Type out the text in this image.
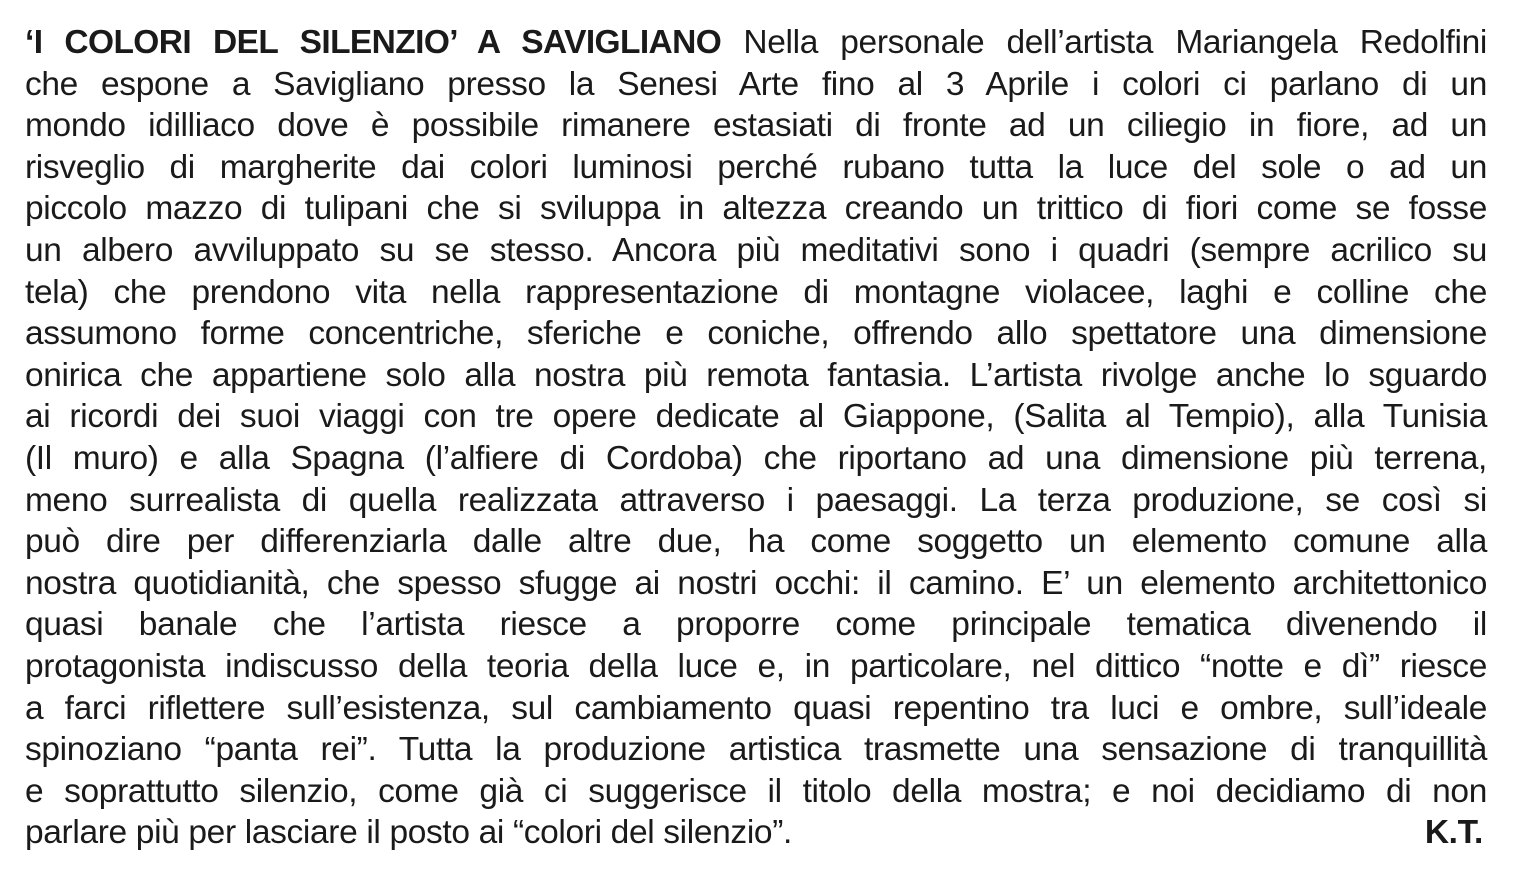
‘I COLORI DEL SILENZIO’ A SAVIGLIANO Nella personale dell’artista Mariangela Redolfini
che espone a Savigliano presso la Senesi Arte fino al 3 Aprile i colori ci parlano di un
mondo idilliaco dove è possibile rimanere estasiati di fronte ad un ciliegio in fiore, ad un
risveglio di margherite dai colori luminosi perché rubano tutta la luce del sole o ad un
piccolo mazzo di tulipani che si sviluppa in altezza creando un trittico di fiori come se fosse
un albero avviluppato su se stesso. Ancora più meditativi sono i quadri (sempre acrilico su
tela) che prendono vita nella rappresentazione di montagne violacee, laghi e colline che
assumono forme concentriche, sferiche e coniche, offrendo allo spettatore una dimensione
onirica che appartiene solo alla nostra più remota fantasia. L’artista rivolge anche lo sguardo
ai ricordi dei suoi viaggi con tre opere dedicate al Giappone, (Salita al Tempio), alla Tunisia
(Il muro) e alla Spagna (l’alfiere di Cordoba) che riportano ad una dimensione più terrena,
meno surrealista di quella realizzata attraverso i paesaggi. La terza produzione, se così si
può dire per differenziarla dalle altre due, ha come soggetto un elemento comune alla
nostra quotidianità, che spesso sfugge ai nostri occhi: il camino. E’ un elemento architettonico
quasi banale che l’artista riesce a proporre come principale tematica divenendo il
protagonista indiscusso della teoria della luce e, in particolare, nel dittico “notte e dì” riesce
a farci riflettere sull’esistenza, sul cambiamento quasi repentino tra luci e ombre, sull’ideale
spinoziano “panta rei”. Tutta la produzione artistica trasmette una sensazione di tranquillità
e soprattutto silenzio, come già ci suggerisce il titolo della mostra; e noi decidiamo di non
parlare più per lasciare il posto ai “colori del silenzio”.	K.T.
